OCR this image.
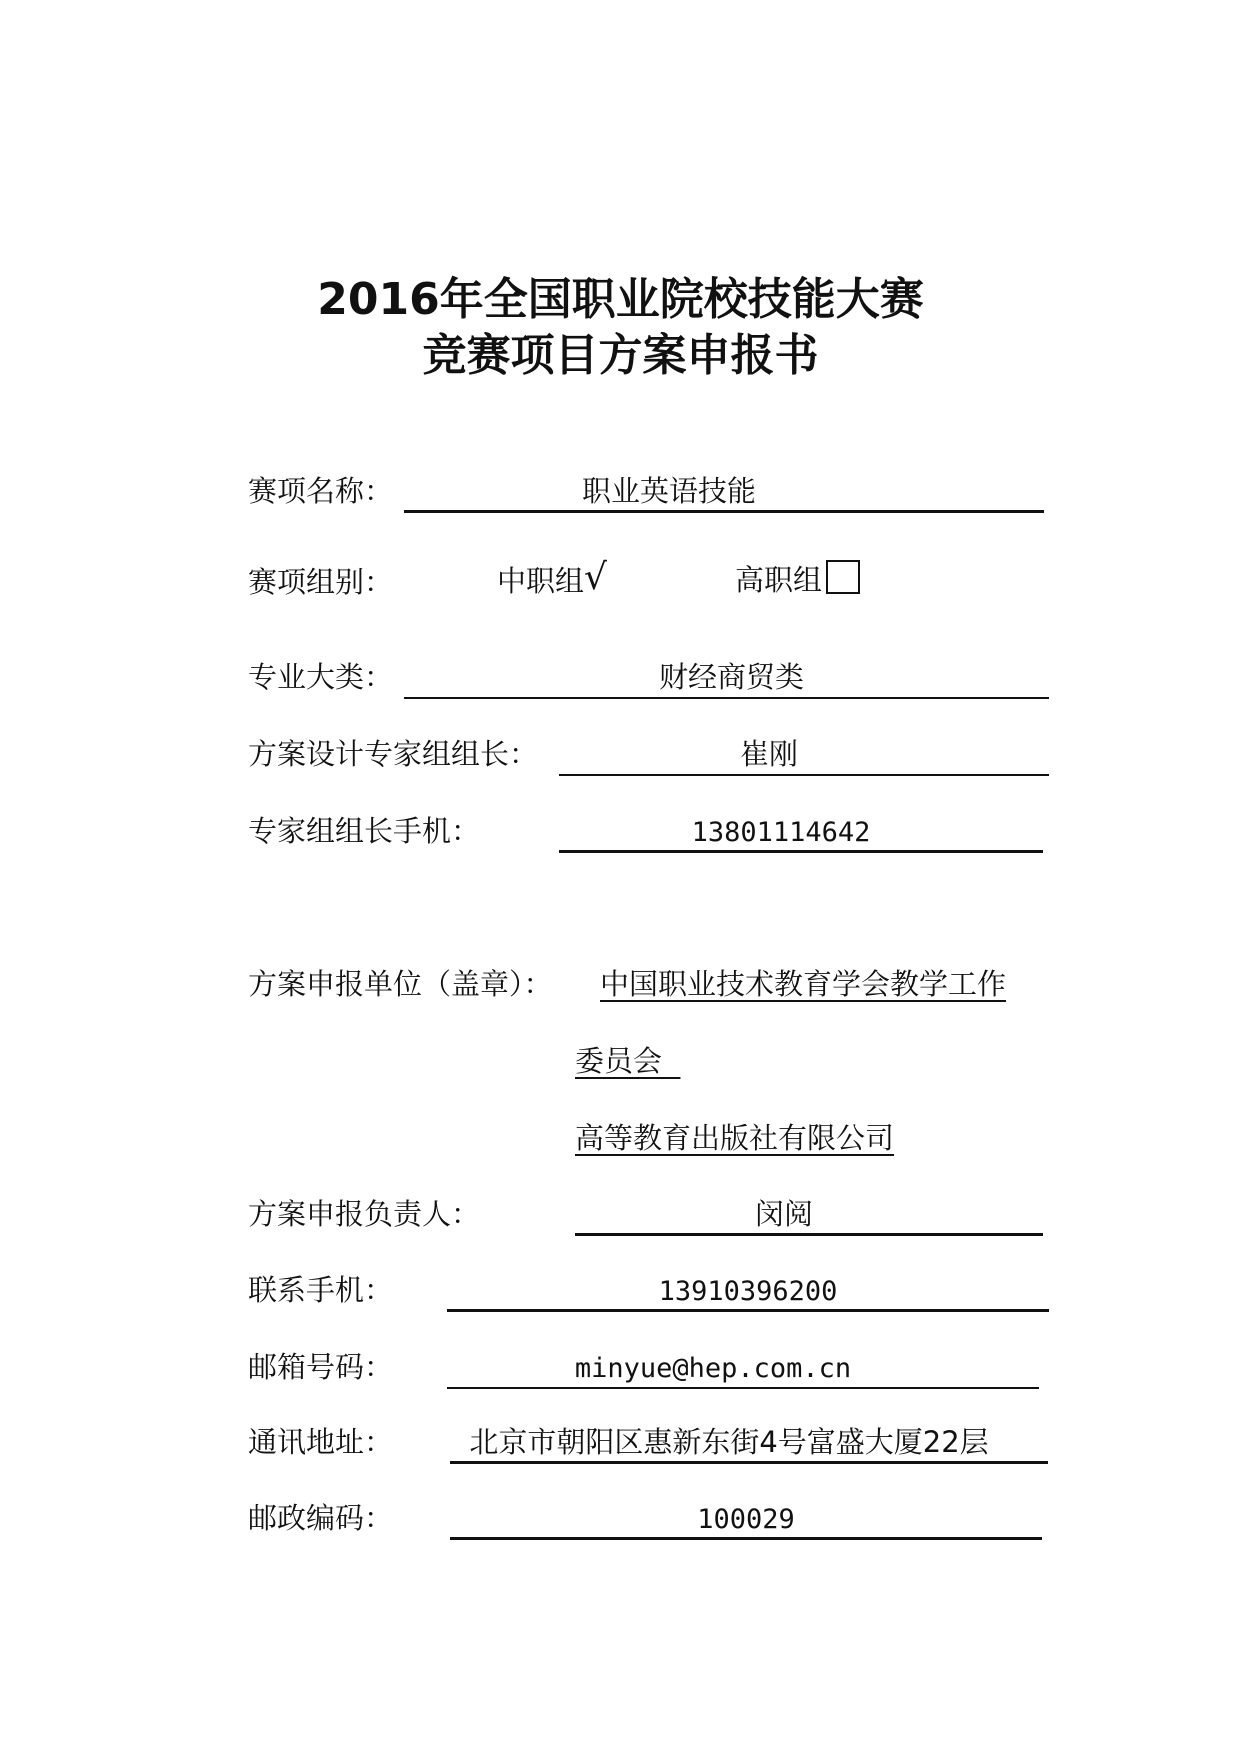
2016年全国职业院校技能大赛
竞赛项目方案申报书
赛项名称：	职业英语技能
赛项组别：	中职组√	高职组
专业大类：	财经商贸类
方案设计专家组组长：	崔刚
专家组组长手机：	13801114642
方案申报单位（盖章）： 中国职业技术教育学会教学工作
委员会
高等教育出版社有限公司
方案申报负责人：	闵阅
联系手机：	13910396200
邮箱号码：	minyue@hep.com.cn
通讯地址：	北京市朝阳区惠新东街4号富盛大厦22层
邮政编码：	100029
